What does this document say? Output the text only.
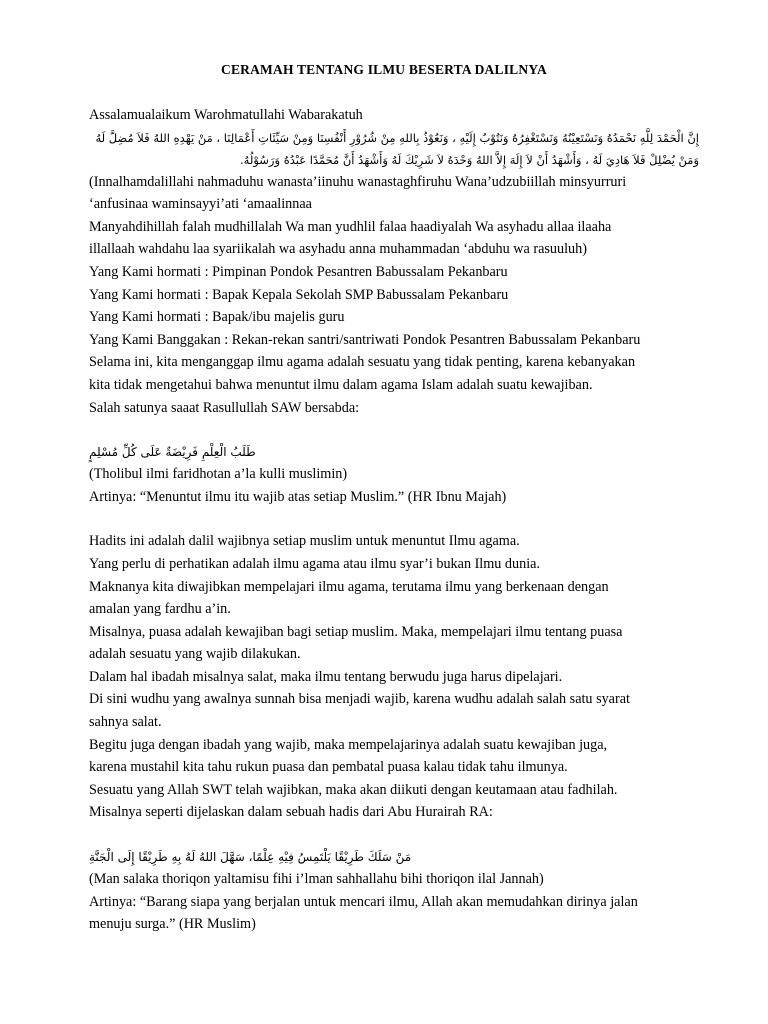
CERAMAH TENTANG ILMU BESERTA DALILNYA
Assalamualaikum Warohmatullahi Wabarakatuh
إِنَّ الْحَمْدَ لِلَّهِ نَحْمَدُهُ وَنَسْتَعِيْنُهُ وَنَسْتَغْفِرُهُ وَنَتُوْبُ إِلَيْهِ ، وَنَعُوْذُ بِاللهِ مِنْ شُرُوْرِ أَنْفُسِنَا وَمِنْ سَيِّئَاتِ أَعْمَالِنَا ، مَنْ يَهْدِهِ اللهُ فَلاَ مُضِلَّ لَهُ
وَمَنْ يُضْلِلْ فَلاَ هَادِيَ لَهُ ، وَأَشْهَدُ أَنْ لاَ إِلَهَ إِلاَّ اللهُ وَحْدَهُ لاَ شَرِيْكَ لَهُ وَأَشْهَدُ أَنَّ مُحَمَّدًا عَبْدُهُ وَرَسُوْلُهُ.
(Innalhamdalillahi nahmaduhu wanasta’iinuhu wanastaghfiruhu Wana’udzubiillah minsyurruri
‘anfusinaa waminsayyi’ati ‘amaalinnaa
Manyahdihillah falah mudhillalah Wa man yudhlil falaa haadiyalah Wa asyhadu allaa ilaaha
illallaah wahdahu laa syariikalah wa asyhadu anna muhammadan ‘abduhu wa rasuuluh)
Yang Kami hormati : Pimpinan Pondok Pesantren Babussalam Pekanbaru
Yang Kami hormati : Bapak Kepala Sekolah SMP Babussalam Pekanbaru
Yang Kami hormati : Bapak/ibu majelis guru
Yang Kami Banggakan : Rekan-rekan santri/santriwati Pondok Pesantren Babussalam Pekanbaru
Selama ini, kita menganggap ilmu agama adalah sesuatu yang tidak penting, karena kebanyakan
kita tidak mengetahui bahwa menuntut ilmu dalam agama Islam adalah suatu kewajiban.
Salah satunya saaat Rasullullah SAW bersabda:
طَلَبُ الْعِلْمِ فَرِيْضَةٌ عَلَى كُلِّ مُسْلِمٍ
(Tholibul ilmi faridhotan a’la kulli muslimin)
Artinya: “Menuntut ilmu itu wajib atas setiap Muslim.” (HR Ibnu Majah)
Hadits ini adalah dalil wajibnya setiap muslim untuk menuntut Ilmu agama.
Yang perlu di perhatikan adalah ilmu agama atau ilmu syar’i bukan Ilmu dunia.
Maknanya kita diwajibkan mempelajari ilmu agama, terutama ilmu yang berkenaan dengan
amalan yang fardhu a’in.
Misalnya, puasa adalah kewajiban bagi setiap muslim. Maka, mempelajari ilmu tentang puasa
adalah sesuatu yang wajib dilakukan.
Dalam hal ibadah misalnya salat, maka ilmu tentang berwudu juga harus dipelajari.
Di sini wudhu yang awalnya sunnah bisa menjadi wajib, karena wudhu adalah salah satu syarat
sahnya salat.
Begitu juga dengan ibadah yang wajib, maka mempelajarinya adalah suatu kewajiban juga,
karena mustahil kita tahu rukun puasa dan pembatal puasa kalau tidak tahu ilmunya.
Sesuatu yang Allah SWT telah wajibkan, maka akan diikuti dengan keutamaan atau fadhilah.
Misalnya seperti dijelaskan dalam sebuah hadis dari Abu Hurairah RA:
مَنْ سَلَكَ طَرِيْقًا يَلْتَمِسُ فِيْهِ عِلْمًا، سَهَّلَ اللهُ لَهُ بِهِ طَرِيْقًا إِلَى الْجَنَّةِ
(Man salaka thoriqon yaltamisu fihi i’lman sahhallahu bihi thoriqon ilal Jannah)
Artinya: “Barang siapa yang berjalan untuk mencari ilmu, Allah akan memudahkan dirinya jalan
menuju surga.” (HR Muslim)
